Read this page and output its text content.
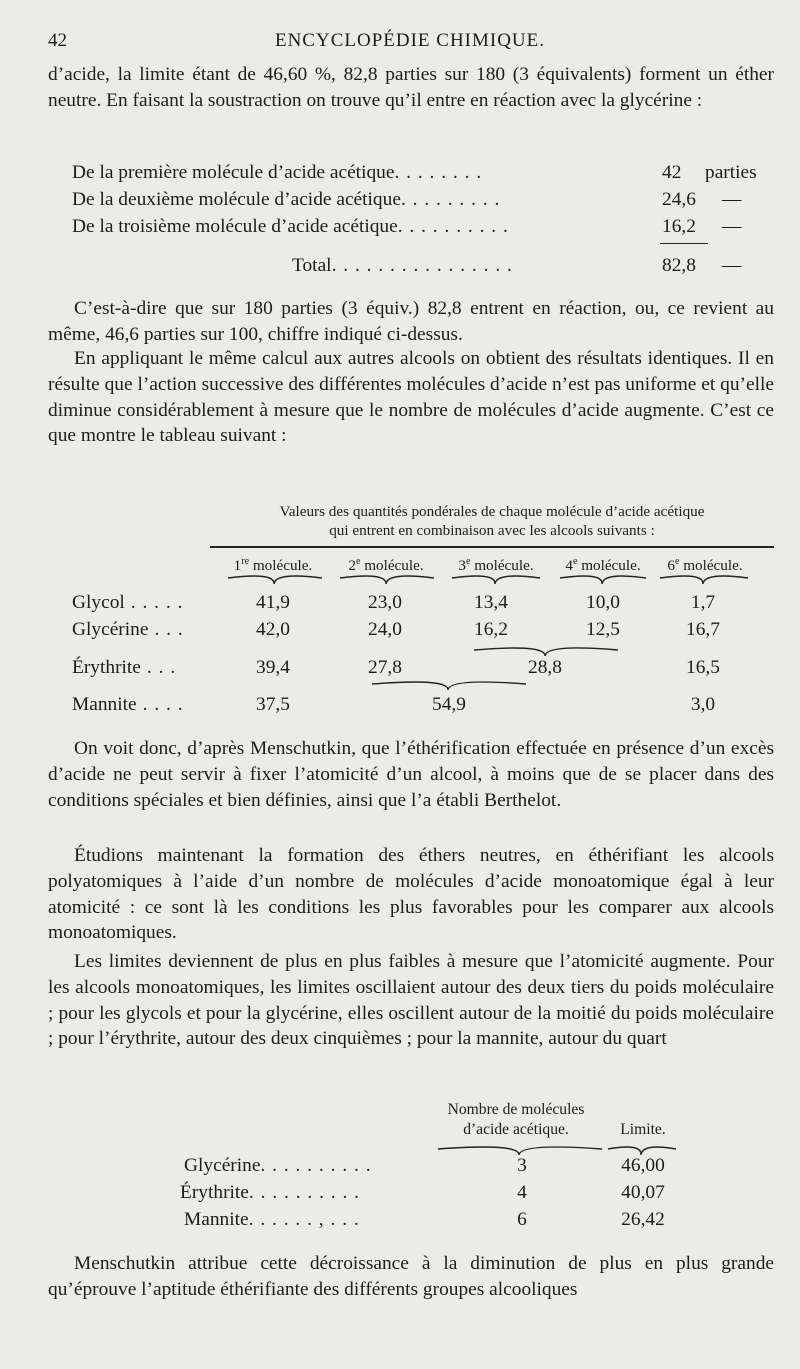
42	ENCYCLOPÉDIE CHIMIQUE.

d’acide, la limite étant de 46,60 %, 82,8 parties sur 180 (3 équivalents) forment un éther neutre. En faisant la soustraction on trouve qu’il entre en réaction avec la glycérine :

De la première molécule d’acide acétique. . . . . . . .	42 parties
De la deuxième molécule d’acide acétique. . . . . . . . .	24,6 —
De la troisième molécule d’acide acétique. . . . . . . . . .	16,2 —
Total. . . . . . . . . . . . . . . .	82,8 —

C’est-à-dire que sur 180 parties (3 équiv.) 82,8 entrent en réaction, ou, ce revient au même, 46,6 parties sur 100, chiffre indiqué ci-dessus.

En appliquant le même calcul aux autres alcools on obtient des résultats identiques. Il en résulte que l’action successive des différentes molécules d’acide n’est pas uniforme et qu’elle diminue considérablement à mesure que le nombre de molécules d’acide augmente. C’est ce que montre le tableau suivant :

Valeurs des quantités pondérales de chaque molécule d’acide acétique
qui entrent en combinaison avec les alcools suivants :
1re molécule.	2e molécule.	3e molécule.	4e molécule.	6e molécule.
Glycol . . . . .	41,9	23,0	13,4	10,0	1,7
Glycérine . . .	42,0	24,0	16,2	12,5	16,7
Érythrite . . .	39,4	27,8	28,8	16,5
Mannite . . . .	37,5	54,9	3,0

On voit donc, d’après Menschutkin, que l’éthérification effectuée en présence d’un excès d’acide ne peut servir à fixer l’atomicité d’un alcool, à moins que de se placer dans des conditions spéciales et bien définies, ainsi que l’a établi Berthelot.

Étudions maintenant la formation des éthers neutres, en éthérifiant les alcools polyatomiques à l’aide d’un nombre de molécules d’acide monoatomique égal à leur atomicité : ce sont là les conditions les plus favorables pour les comparer aux alcools monoatomiques.

Les limites deviennent de plus en plus faibles à mesure que l’atomicité augmente. Pour les alcools monoatomiques, les limites oscillaient autour des deux tiers du poids moléculaire ; pour les glycols et pour la glycérine, elles oscillent autour de la moitié du poids moléculaire ; pour l’érythrite, autour des deux cinquièmes ; pour la mannite, autour du quart

Nombre de molécules
d’acide acétique.	Limite.
Glycérine. . . . . . . . . .	3	46,00
Érythrite. . . . . . . . . .	4	40,07
Mannite. . . . . . , . . .	6	26,42

Menschutkin attribue cette décroissance à la diminution de plus en plus grande qu’éprouve l’aptitude éthérifiante des différents groupes alcooliques
